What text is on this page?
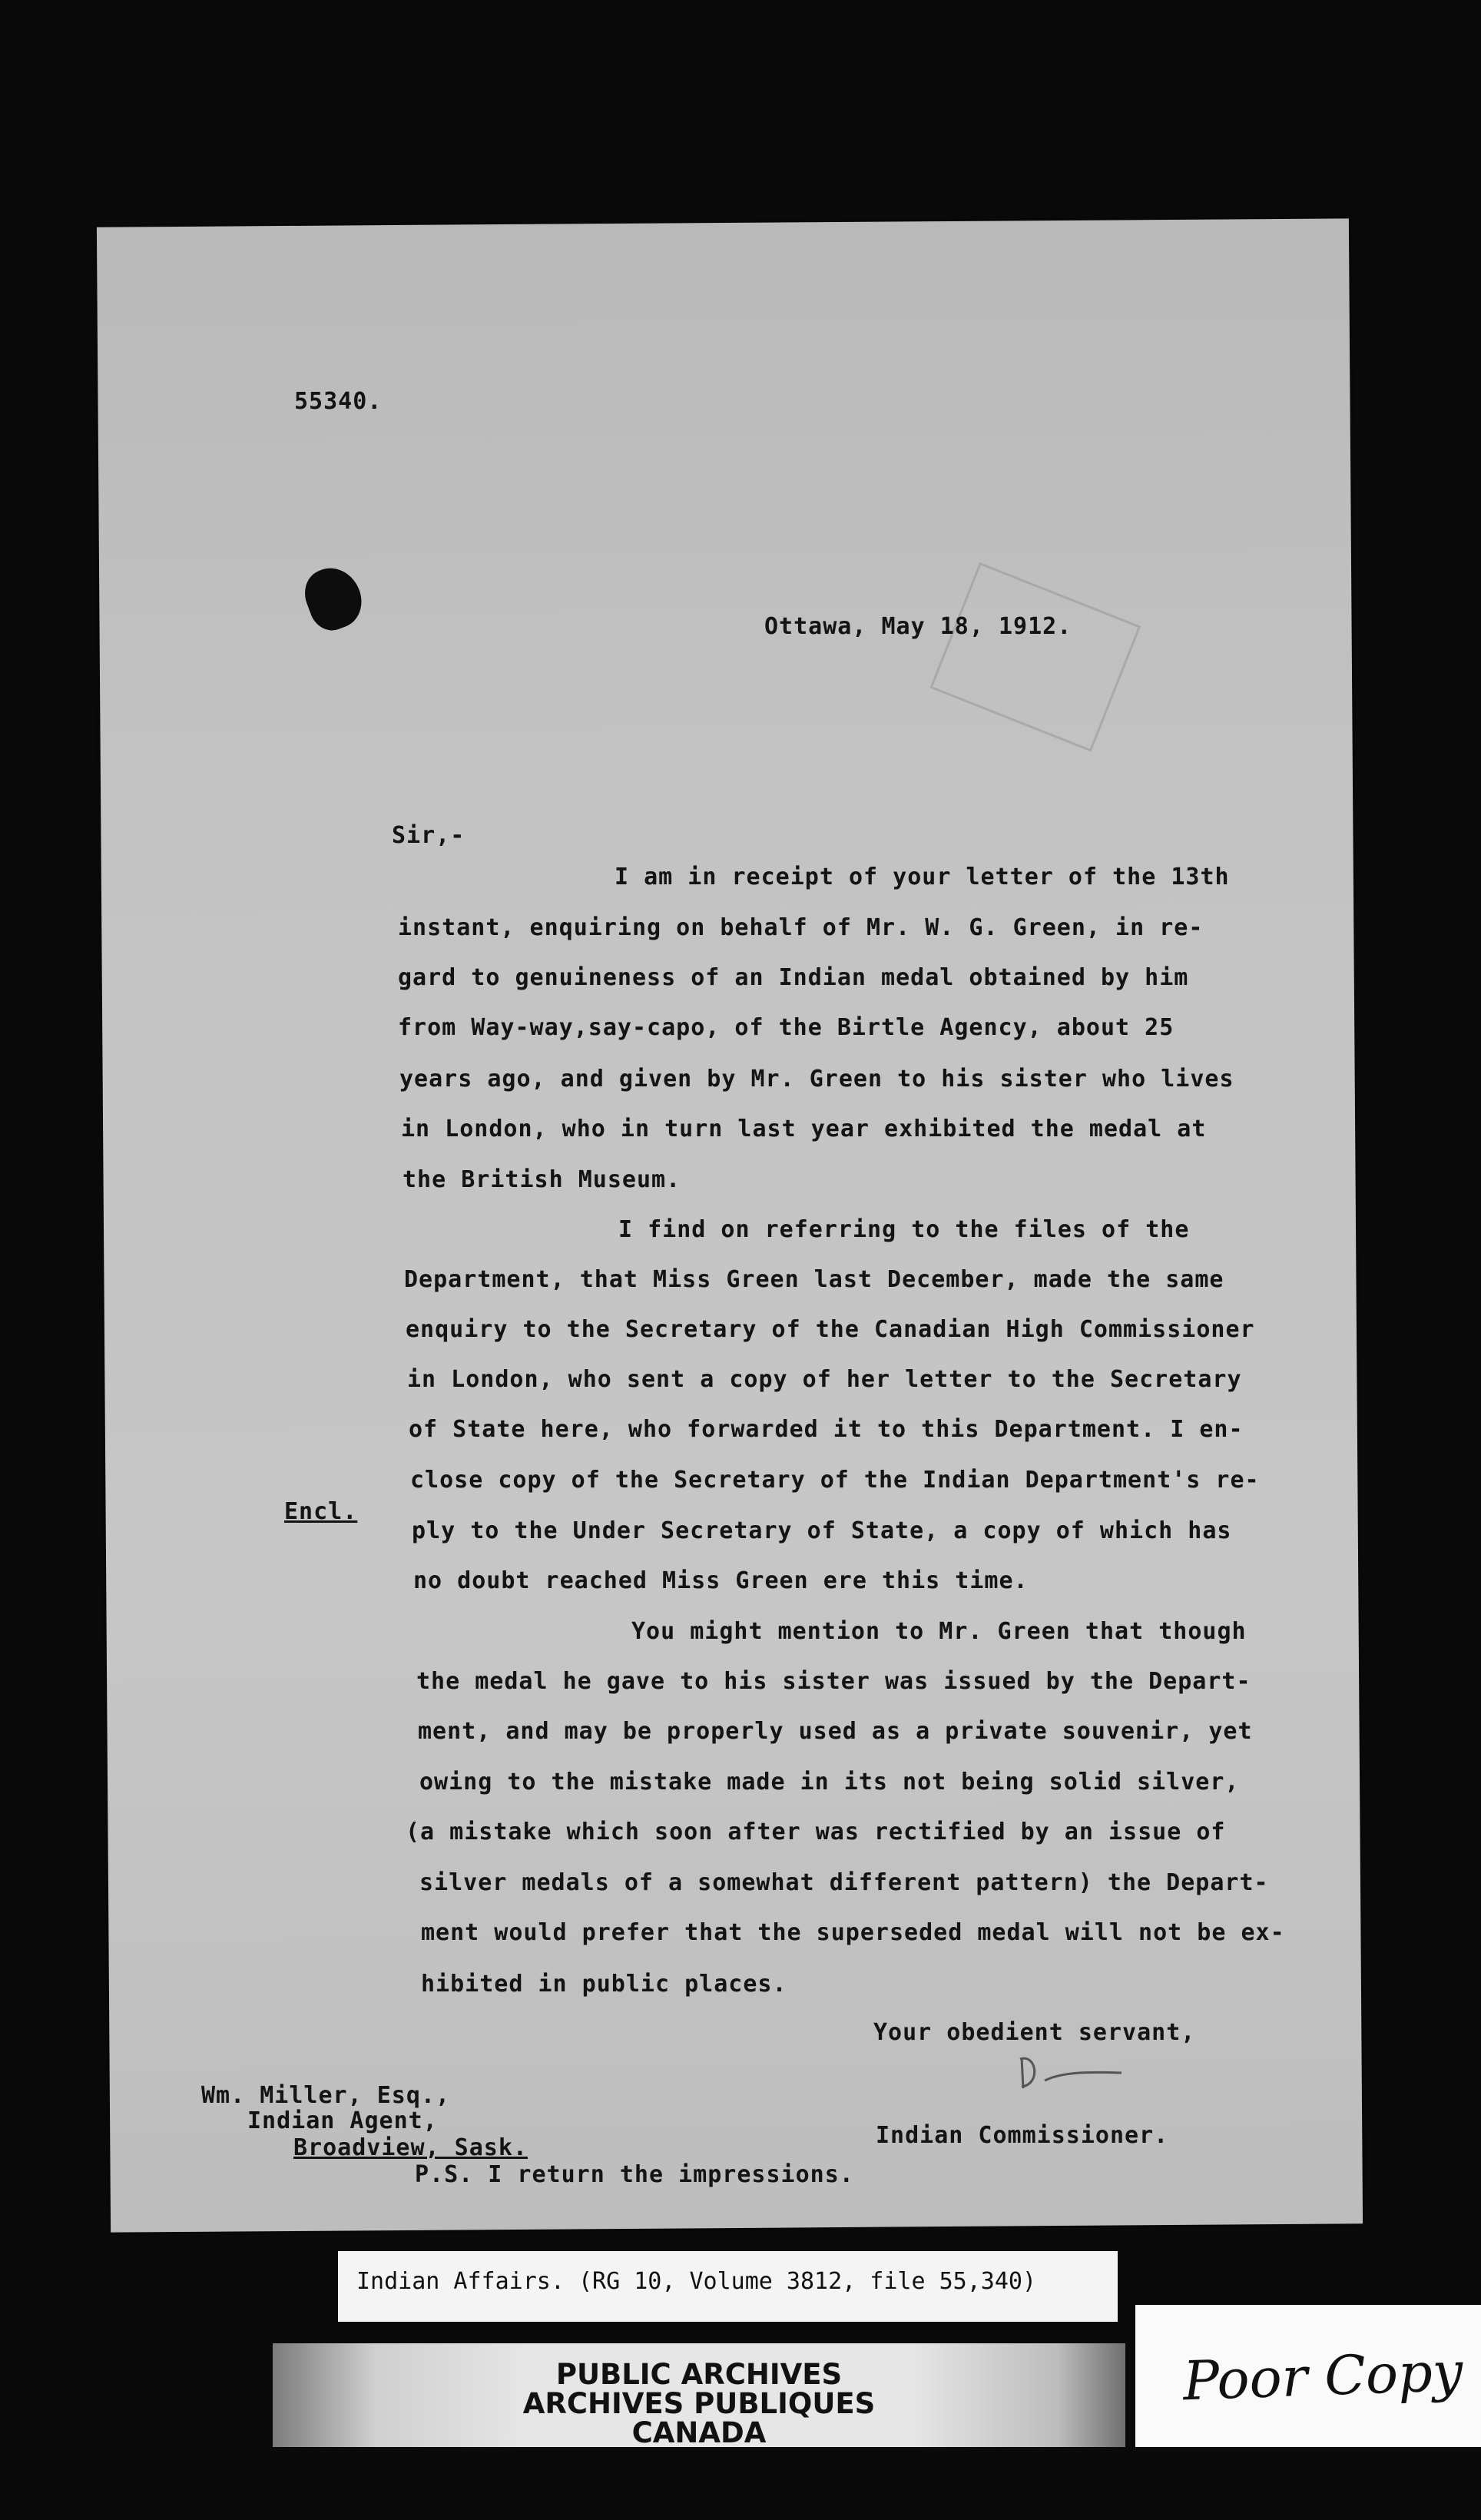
55340.
Ottawa, May 18, 1912.
Sir,-
I am in receipt of your letter of the 13th
instant, enquiring on behalf of Mr. W. G. Green, in re-
gard to genuineness of an Indian medal obtained by him
from Way-way,say-capo, of the Birtle Agency, about 25
years ago, and given by Mr. Green to his sister who lives
in London, who in turn last year exhibited the medal at
the British Museum.
I find on referring to the files of the
Department, that Miss Green last December, made the same
enquiry to the Secretary of the Canadian High Commissioner
in London, who sent a copy of her letter to the Secretary
of State here, who forwarded it to this Department. I en-
close copy of the Secretary of the Indian Department's re-
ply to the Under Secretary of State, a copy of which has
no doubt reached Miss Green ere this time.
You might mention to Mr. Green that though
the medal he gave to his sister was issued by the Depart-
ment, and may be properly used as a private souvenir, yet
owing to the mistake made in its not being solid silver,
(a mistake which soon after was rectified by an issue of
silver medals of a somewhat different pattern) the Depart-
ment would prefer that the superseded medal will not be ex-
hibited in public places.
Encl.
Your obedient servant,
Indian Commissioner.
Wm. Miller, Esq.,
Indian Agent,
Broadview, Sask.
P.S. I return the impressions.
Indian Affairs. (RG 10, Volume 3812, file 55,340)
PUBLIC ARCHIVES
ARCHIVES PUBLIQUES
CANADA
Poor Copy
